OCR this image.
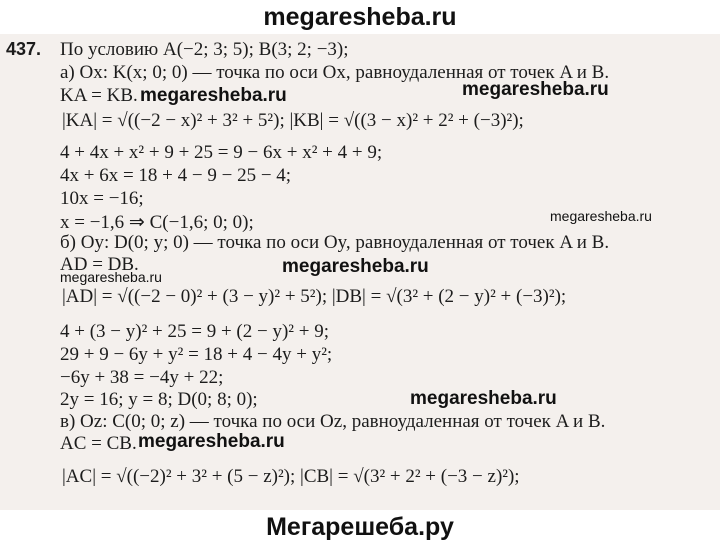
megaresheba.ru
437. По условию A(−2; 3; 5); B(3; 2; −3);
а) Ox: K(x; 0; 0) — точка по оси Ox, равноудаленная от точек A и B.
KA = KB.
|KA| = √((−2 − x)² + 3² + 5²); |KB| = √((3 − x)² + 2² + (−3)²);
4 + 4x + x² + 9 + 25 = 9 − 6x + x² + 4 + 9;
4x + 6x = 18 + 4 − 9 − 25 − 4;
10x = −16;
x = −1,6 ⇒ C(−1,6; 0; 0);
б) Oy: D(0; y; 0) — точка по оси Oy, равноудаленная от точек A и B.
AD = DB.
|AD| = √((−2 − 0)² + (3 − y)² + 5²); |DB| = √(3² + (2 − y)² + (−3)²);
4 + (3 − y)² + 25 = 9 + (2 − y)² + 9;
29 + 9 − 6y + y² = 18 + 4 − 4y + y²;
−6y + 38 = −4y + 22;
2y = 16; y = 8; D(0; 8; 0);
в) Oz: C(0; 0; z) — точка по оси Oz, равноудаленная от точек A и B.
AC = CB.
|AC| = √((−2)² + 3² + (5 − z)²); |CB| = √(3² + 2² + (−3 − z)²);
megaresheba.ru	megaresheba.ru
megaresheba.ru
megaresheba.ru
megaresheba.ru
megaresheba.ru
megaresheba.ru
Мегарешеба.ру
